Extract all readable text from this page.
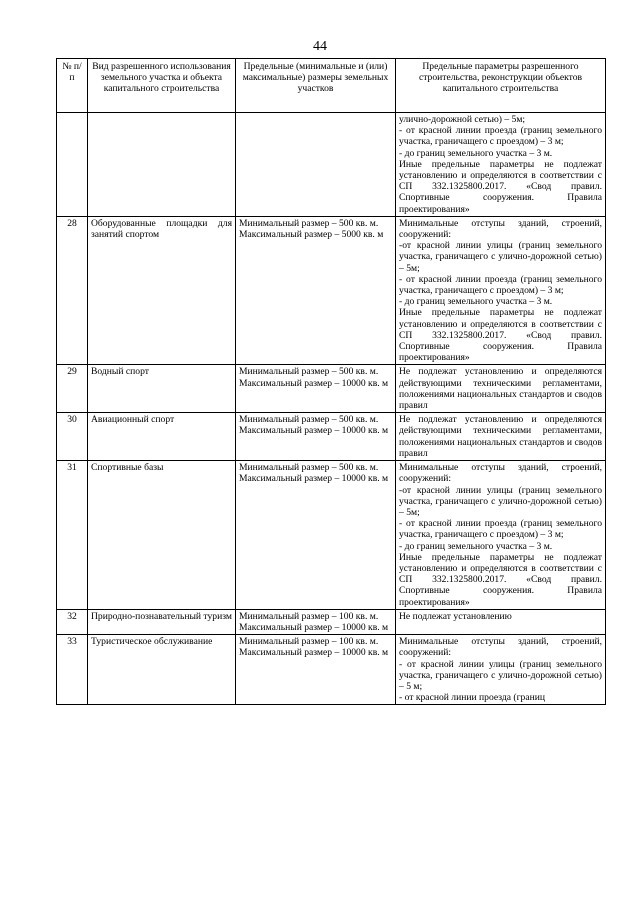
44
№ п/п	Вид разрешенного использования земельного участка и объекта капитального строительства	Предельные (минимальные и (или) максимальные) размеры земельных участков	Предельные параметры разрешенного строительства, реконструкции объектов капитального строительства

			улично-дорожной сетью) – 5м;
- от красной линии проезда (границ земельного участка, граничащего с проездом) – 3 м;
- до границ земельного участка – 3 м.
Иные предельные параметры не подлежат установлению и определяются в соответствии с СП 332.1325800.2017. «Свод правил. Спортивные сооружения. Правила проектирования»

28	Оборудованные площадки для занятий спортом	Минимальный размер – 500 кв. м.
Максимальный размер – 5000 кв. м	Минимальные отступы зданий, строений, сооружений:
-от красной линии улицы (границ земельного участка, граничащего с улично-дорожной сетью) – 5м;
- от красной линии проезда (границ земельного участка, граничащего с проездом) – 3 м;
- до границ земельного участка – 3 м.
Иные предельные параметры не подлежат установлению и определяются в соответствии с СП 332.1325800.2017. «Свод правил. Спортивные сооружения. Правила проектирования»

29	Водный спорт	Минимальный размер – 500 кв. м.
Максимальный размер – 10000 кв. м	Не подлежат установлению и определяются действующими техническими регламентами, положениями национальных стандартов и сводов правил

30	Авиационный спорт	Минимальный размер – 500 кв. м.
Максимальный размер – 10000 кв. м	Не подлежат установлению и определяются действующими техническими регламентами, положениями национальных стандартов и сводов правил

31	Спортивные базы	Минимальный размер – 500 кв. м.
Максимальный размер – 10000 кв. м	Минимальные отступы зданий, строений, сооружений:
-от красной линии улицы (границ земельного участка, граничащего с улично-дорожной сетью) – 5м;
- от красной линии проезда (границ земельного участка, граничащего с проездом) – 3 м;
- до границ земельного участка – 3 м.
Иные предельные параметры не подлежат установлению и определяются в соответствии с СП 332.1325800.2017. «Свод правил. Спортивные сооружения. Правила проектирования»

32	Природно-познавательный туризм	Минимальный размер – 100 кв. м.
Максимальный размер – 10000 кв. м	Не подлежат установлению

33	Туристическое обслуживание	Минимальный размер – 100 кв. м.
Максимальный размер – 10000 кв. м	Минимальные отступы зданий, строений, сооружений:
- от красной линии улицы (границ земельного участка, граничащего с улично-дорожной сетью) – 5 м;
- от красной линии проезда (границ
